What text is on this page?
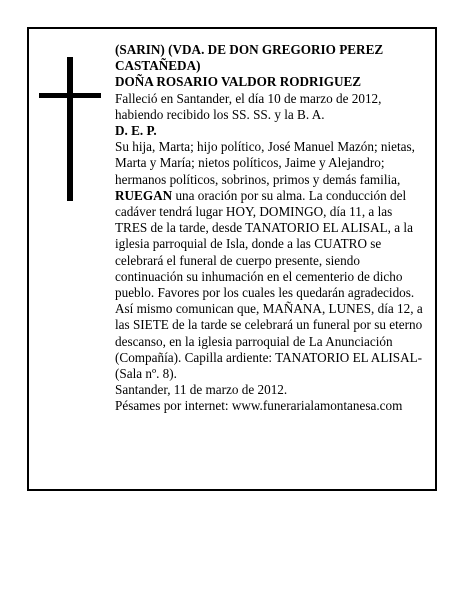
(SARIN) (VDA. DE DON GREGORIO PEREZ CASTAÑEDA)

DOÑA ROSARIO VALDOR RODRIGUEZ

Falleció en Santander, el día 10 de marzo de 2012, habiendo recibido los SS. SS. y la B. A.

D. E. P.

Su hija, Marta; hijo político, José Manuel Mazón; nietas, Marta y María; nietos políticos, Jaime y Alejandro; hermanos políticos, sobrinos, primos y demás familia,

RUEGAN una oración por su alma. La conducción del cadáver tendrá lugar HOY, DOMINGO, día 11, a las TRES de la tarde, desde TANATORIO EL ALISAL, a la iglesia parroquial de Isla, donde a las CUATRO se celebrará el funeral de cuerpo presente, siendo continuación su inhumación en el cementerio de dicho pueblo. Favores por los cuales les quedarán agradecidos. Así mismo comunican que, MAÑANA, LUNES, día 12, a las SIETE de la tarde se celebrará un funeral por su eterno descanso, en la iglesia parroquial de La Anunciación (Compañía). Capilla ardiente: TANATORIO EL ALISAL-(Sala nº. 8).

Santander, 11 de marzo de 2012.

Pésames por internet: www.funerarialamontanesa.com
